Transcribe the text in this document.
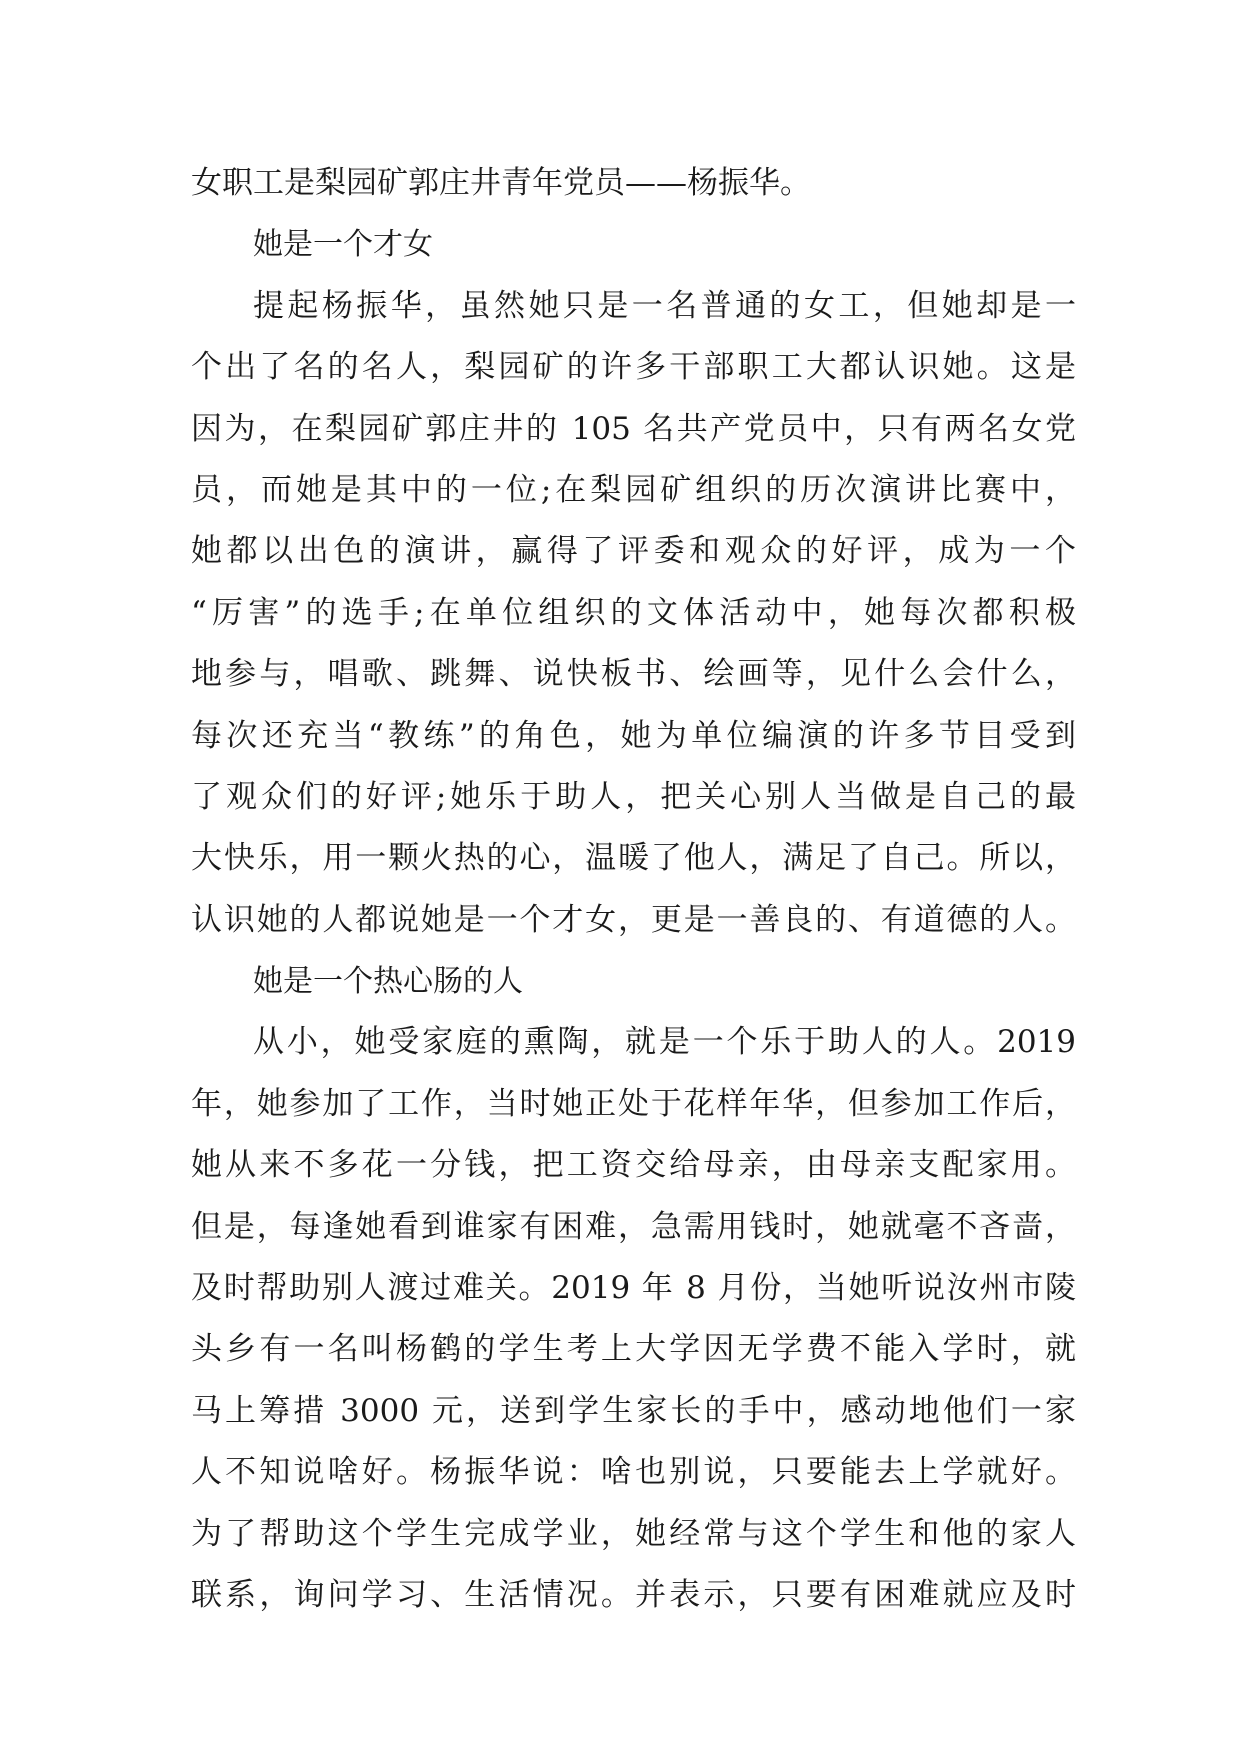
女职工是梨园矿郭庄井青年党员——杨振华。
她是一个才女
提起杨振华，虽然她只是一名普通的女工，但她却是一
个出了名的名人，梨园矿的许多干部职工大都认识她。这是
因为，在梨园矿郭庄井的 105 名共产党员中，只有两名女党
员，而她是其中的一位;在梨园矿组织的历次演讲比赛中，
她都以出色的演讲，赢得了评委和观众的好评，成为一个
“厉害”的选手;在单位组织的文体活动中，她每次都积极
地参与，唱歌、跳舞、说快板书、绘画等，见什么会什么，
每次还充当“教练”的角色，她为单位编演的许多节目受到
了观众们的好评;她乐于助人，把关心别人当做是自己的最
大快乐，用一颗火热的心，温暖了他人，满足了自己。所以，
认识她的人都说她是一个才女，更是一善良的、有道德的人。
她是一个热心肠的人
从小，她受家庭的熏陶，就是一个乐于助人的人。2019
年，她参加了工作，当时她正处于花样年华，但参加工作后，
她从来不多花一分钱，把工资交给母亲，由母亲支配家用。
但是，每逢她看到谁家有困难，急需用钱时，她就毫不吝啬，
及时帮助别人渡过难关。2019 年 8 月份，当她听说汝州市陵
头乡有一名叫杨鹤的学生考上大学因无学费不能入学时，就
马上筹措 3000 元，送到学生家长的手中，感动地他们一家
人不知说啥好。杨振华说：啥也别说，只要能去上学就好。
为了帮助这个学生完成学业，她经常与这个学生和他的家人
联系，询问学习、生活情况。并表示，只要有困难就应及时
